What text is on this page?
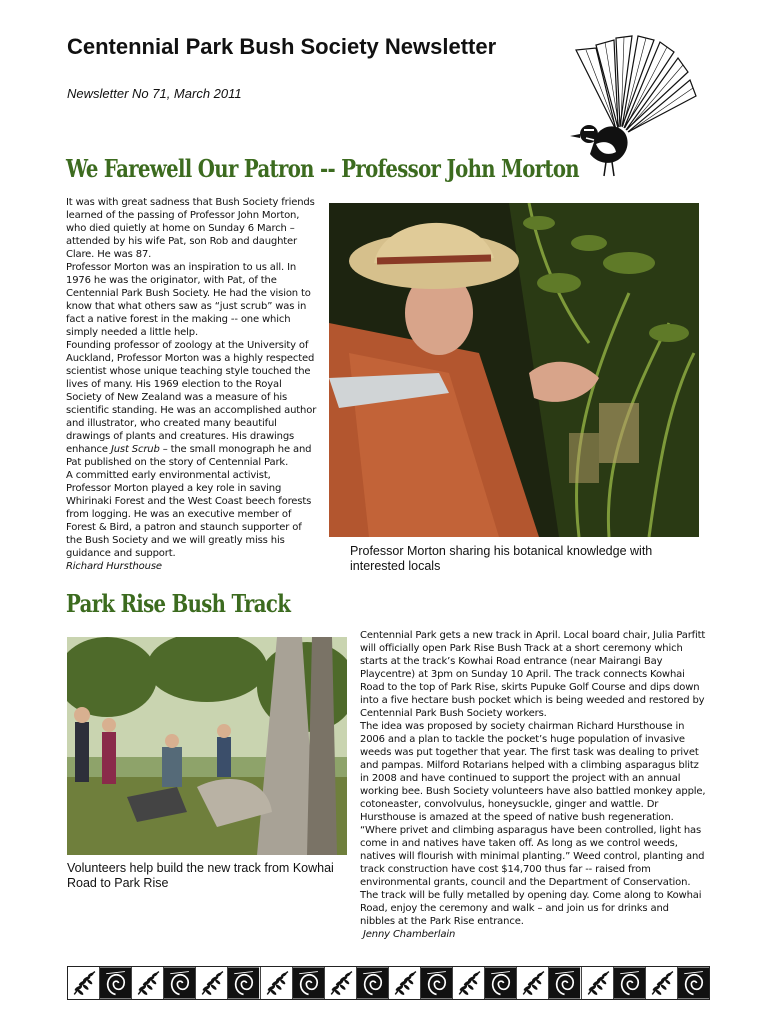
Centennial Park Bush Society Newsletter
Newsletter No 71, March 2011
We Farewell Our Patron -- Professor John Morton

It was with great sadness that Bush Society friends learned of the passing of Professor John Morton, who died quietly at home on Sunday 6 March – attended by his wife Pat, son Rob and daughter Clare. He was 87.

Professor Morton was an inspiration to us all. In 1976 he was the originator, with Pat, of the Centennial Park Bush Society. He had the vision to know that what others saw as “just scrub” was in fact a native forest in the making -- one which simply needed a little help.

Founding professor of zoology at the University of Auckland, Professor Morton was a highly respected scientist whose unique teaching style touched the lives of many. His 1969 election to the Royal Society of New Zealand was a measure of his scientific standing. He was an accomplished author and illustrator, who created many beautiful drawings of plants and creatures. His drawings enhance Just Scrub – the small monograph he and Pat published on the story of Centennial Park.

A committed early environmental activist, Professor Morton played a key role in saving Whirinaki Forest and the West Coast beech forests from logging. He was an executive member of Forest & Bird, a patron and staunch supporter of the Bush Society and we will greatly miss his guidance and support.

Richard Hursthouse

Professor Morton sharing his botanical knowledge with interested locals
Park Rise Bush Track
Volunteers help build the new track from Kowhai Road to Park Rise

Centennial Park gets a new track in April. Local board chair, Julia Parfitt will officially open Park Rise Bush Track at a short ceremony which starts at the track’s Kowhai Road entrance (near Mairangi Bay Playcentre) at 3pm on Sunday 10 April. The track connects Kowhai Road to the top of Park Rise, skirts Pupuke Golf Course and dips down into a five hectare bush pocket which is being weeded and restored by Centennial Park Bush Society workers.

The idea was proposed by society chairman Richard Hursthouse in 2006 and a plan to tackle the pocket’s huge population of invasive weeds was put together that year. The first task was dealing to privet and pampas. Milford Rotarians helped with a climbing asparagus blitz in 2008 and have continued to support the project with an annual working bee. Bush Society volunteers have also battled monkey apple, cotoneaster, convolvulus, honeysuckle, ginger and wattle. Dr Hursthouse is amazed at the speed of native bush regeneration. “Where privet and climbing asparagus have been controlled, light has come in and natives have taken off. As long as we control weeds, natives will flourish with minimal planting.” Weed control, planting and track construction have cost $14,700 thus far -- raised from environmental grants, council and the Department of Conservation. The track will be fully metalled by opening day. Come along to Kowhai Road, enjoy the ceremony and walk – and join us for drinks and nibbles at the Park Rise entrance.

Jenny Chamberlain
